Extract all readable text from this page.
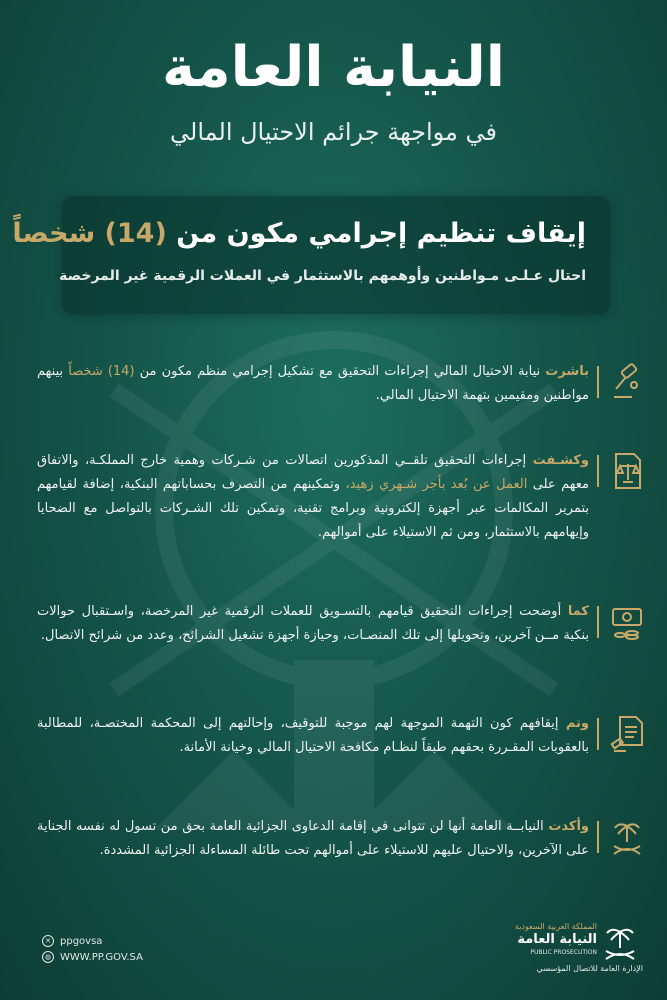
النيابة العامة
في مواجهة جرائم الاحتيال المالي
إيقاف تنظيم إجرامي مكون من (14) شخصاً
احتال عـلـى مـواطنين وأوهمهم بالاستثمار في العملات الرقمية غير المرخصة
باشرت نيابة الاحتيال المالي إجراءات التحقيق مع تشكيل إجرامي منظم مكون من (14) شخصاً بينهم مواطنين ومقيمين بتهمة الاحتيال المالي.
وكشـفت إجراءات التحقيق تلقــي المذكورين اتصالات من شـركات وهمية خارج المملكـة، والاتفاق معهم على العمل عن بُعد بأجر شـهري زهيد، وتمكينهم من التصرف بحساباتهم البنكية، إضافة لقيامهم بتمرير المكالمات عبر أجهزة إلكترونية وبرامج تقنية، وتمكين تلك الشـركات بالتواصل مع الضحايا وإيهامهم بالاستثمار، ومن ثم الاستيلاء على أموالهم.
كما أوضحت إجراءات التحقيق قيامهم بالتسـويق للعملات الرقمية غير المرخصة، واسـتقبال حوالات بنكية مــن آخرين، وتحويلها إلى تلك المنصـات، وحيازة أجهزة تشغيل الشرائح، وعدد من شرائح الاتصال.
وتم إيقافهم كون التهمة الموجهة لهم موجبة للتوقيف، وإحالتهم إلى المحكمة المختصـة، للمطالبة بالعقوبات المقـررة بحقهم طبقاً لنظـام مكافحة الاحتيال المالي وخيانة الأمانة.
وأكدت النيابــة العامة أنها لن تتوانى في إقامة الدعاوى الجزائية العامة بحق من تسول له نفسه الجناية على الآخرين، والاحتيال عليهم للاستيلاء على أموالهم تحت طائلة المساءلة الجزائية المشددة.
✕ ppgovsa
◍ WWW.PP.GOV.SA
المملكة العربية السعودية
النيابة العامة
PUBLIC PROSECUTION
الإدارة العامة للاتصال المؤسسي
